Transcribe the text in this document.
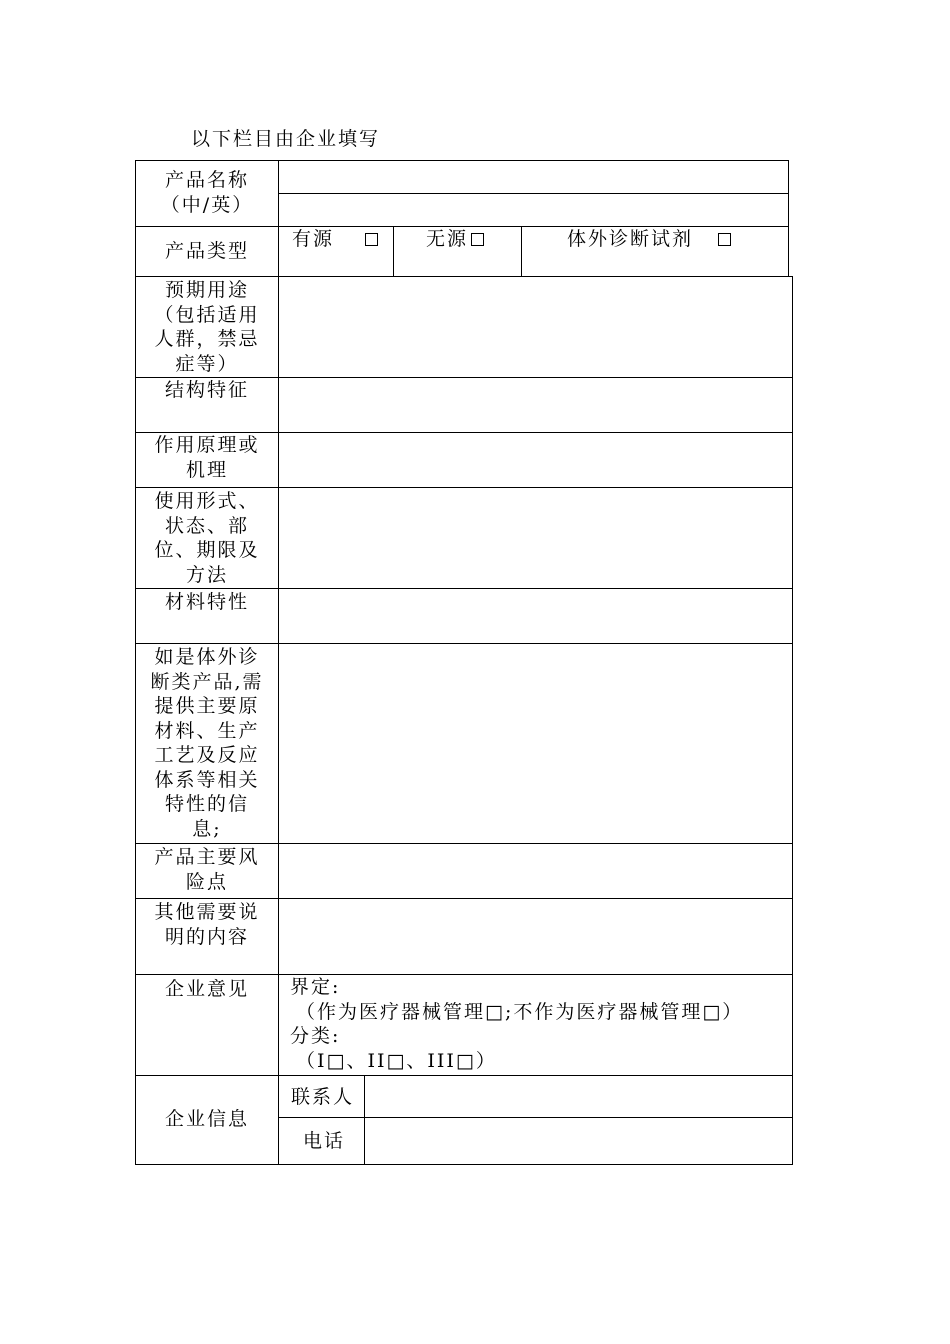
以下栏目由企业填写
产品名称
（中/英）
产品类型
预期用途
（包括适用
人群，禁忌
症等）
结构特征
作用原理或
机理
使用形式、
状态、部
位、期限及
方法
材料特性
如是体外诊
断类产品,需
提供主要原
材料、生产
工艺及反应
体系等相关
特性的信
息;
产品主要风
险点
其他需要说
明的内容
企业意见
企业信息
有源	无源	体外诊断试剂
界定:
（作为医疗器械管理□;不作为医疗器械管理□）
分类:
（I□、II□、III□）
联系人
电话
